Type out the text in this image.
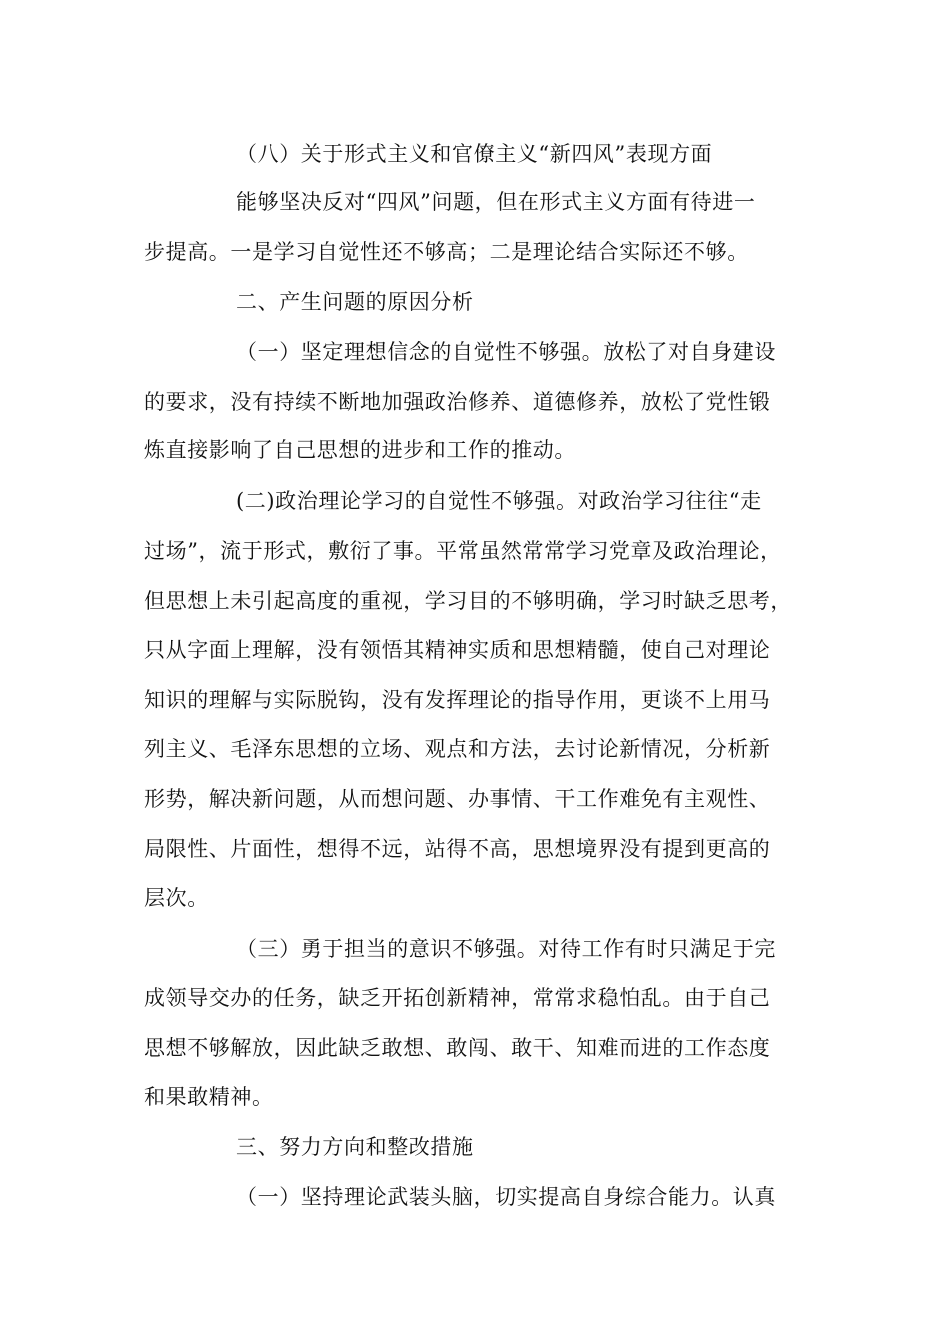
（八）关于形式主义和官僚主义“新四风”表现方面
能够坚决反对“四风”问题，但在形式主义方面有待进一
步提高。一是学习自觉性还不够高；二是理论结合实际还不够。
二、产生问题的原因分析
（一）坚定理想信念的自觉性不够强。放松了对自身建设
的要求，没有持续不断地加强政治修养、道德修养，放松了党性锻
炼直接影响了自己思想的进步和工作的推动。
(二)政治理论学习的自觉性不够强。对政治学习往往“走
过场”，流于形式，敷衍了事。平常虽然常常学习党章及政治理论，
但思想上未引起高度的重视，学习目的不够明确，学习时缺乏思考，
只从字面上理解，没有领悟其精神实质和思想精髓，使自己对理论
知识的理解与实际脱钩，没有发挥理论的指导作用，更谈不上用马
列主义、毛泽东思想的立场、观点和方法，去讨论新情况，分析新
形势，解决新问题，从而想问题、办事情、干工作难免有主观性、
局限性、片面性，想得不远，站得不高，思想境界没有提到更高的
层次。
（三）勇于担当的意识不够强。对待工作有时只满足于完
成领导交办的任务，缺乏开拓创新精神，常常求稳怕乱。由于自己
思想不够解放，因此缺乏敢想、敢闯、敢干、知难而进的工作态度
和果敢精神。
三、努力方向和整改措施
（一）坚持理论武装头脑，切实提高自身综合能力。认真
